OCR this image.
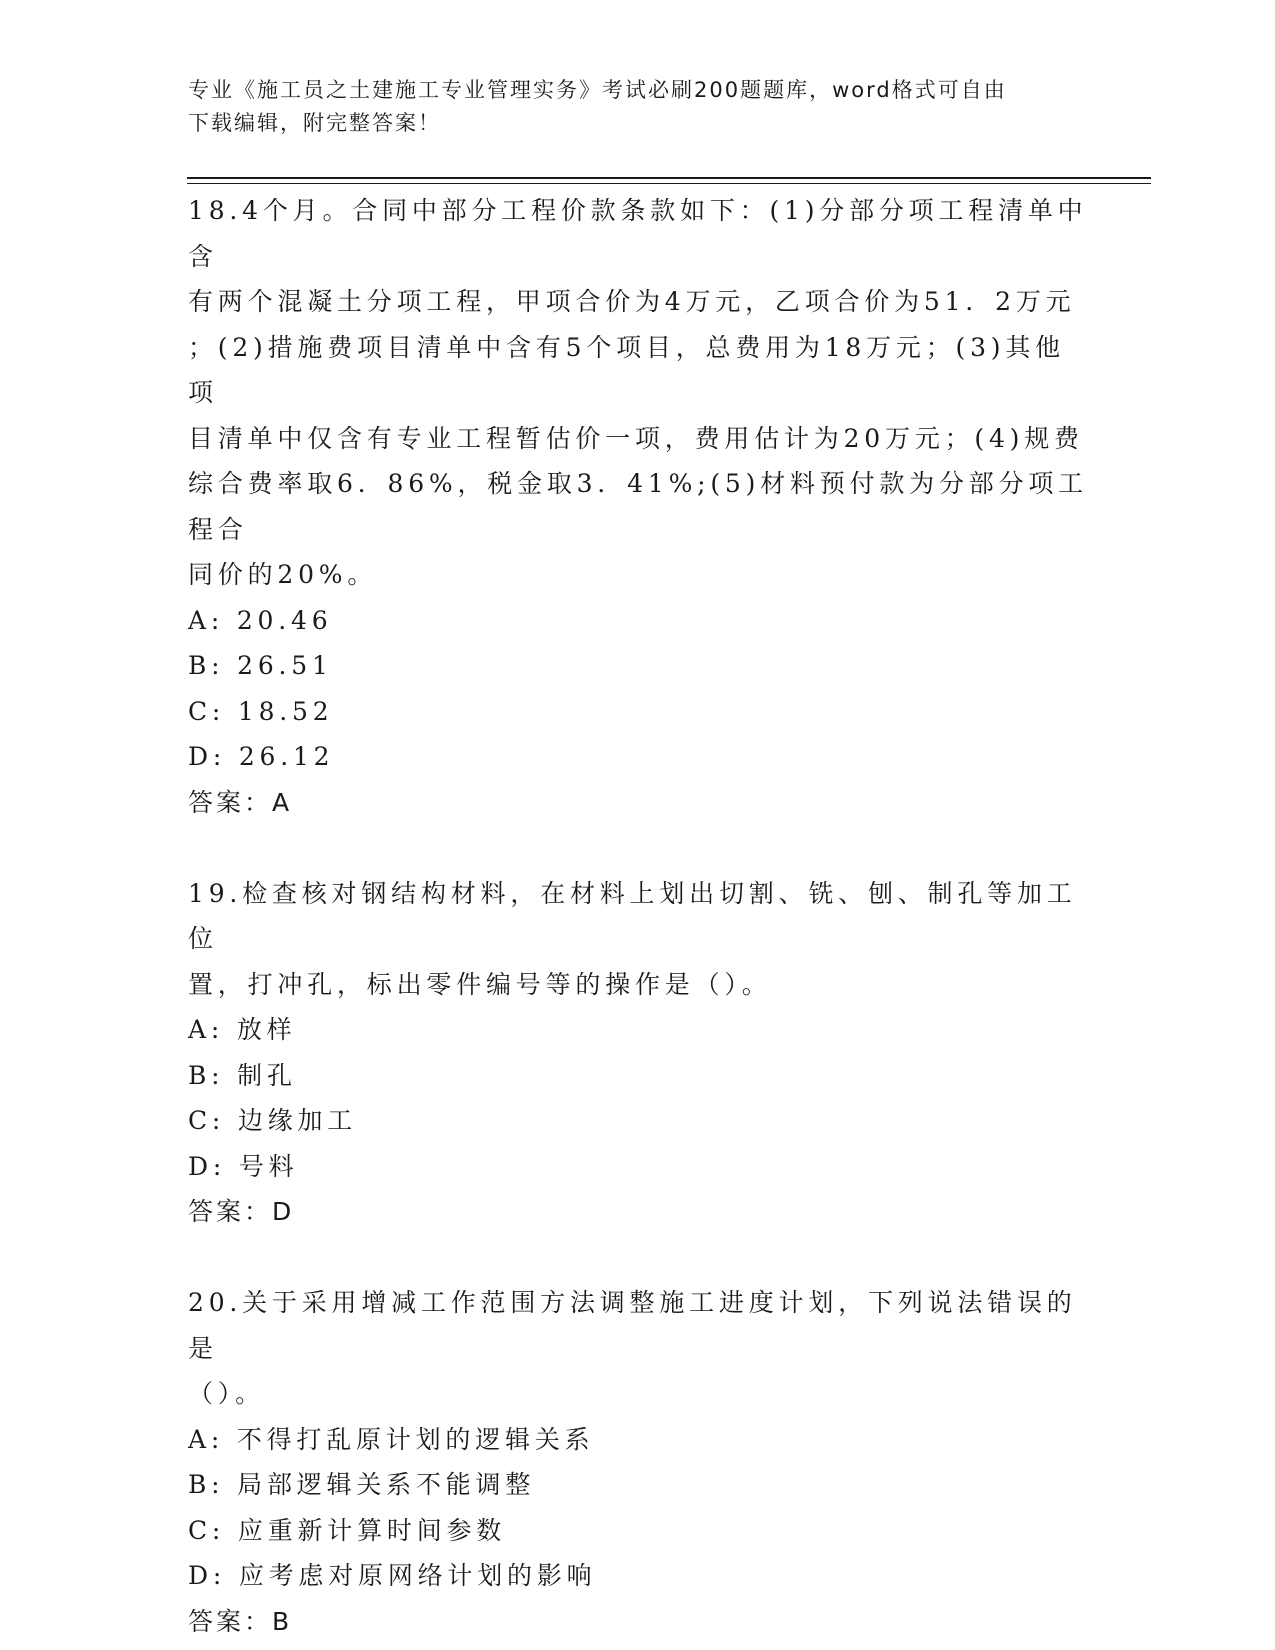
专业《施工员之土建施工专业管理实务》考试必刷200题题库，word格式可自由
下载编辑，附完整答案！
18.4个月。合同中部分工程价款条款如下：(1)分部分项工程清单中含
有两个混凝土分项工程，甲项合价为4万元，乙项合价为51．2万元
；(2)措施费项目清单中含有5个项目，总费用为18万元；(3)其他项
目清单中仅含有专业工程暂估价一项，费用估计为20万元；(4)规费
综合费率取6．86%，税金取3．41%;(5)材料预付款为分部分项工程合
同价的20%。
A: 20.46
B: 26.51
C: 18.52
D: 26.12
答案：A
19.检查核对钢结构材料，在材料上划出切割、铣、刨、制孔等加工位
置，打冲孔，标出零件编号等的操作是（）。
A: 放样
B: 制孔
C: 边缘加工
D: 号料
答案：D
20.关于采用增减工作范围方法调整施工进度计划，下列说法错误的是
（）。
A: 不得打乱原计划的逻辑关系
B: 局部逻辑关系不能调整
C: 应重新计算时间参数
D: 应考虑对原网络计划的影响
答案：B
